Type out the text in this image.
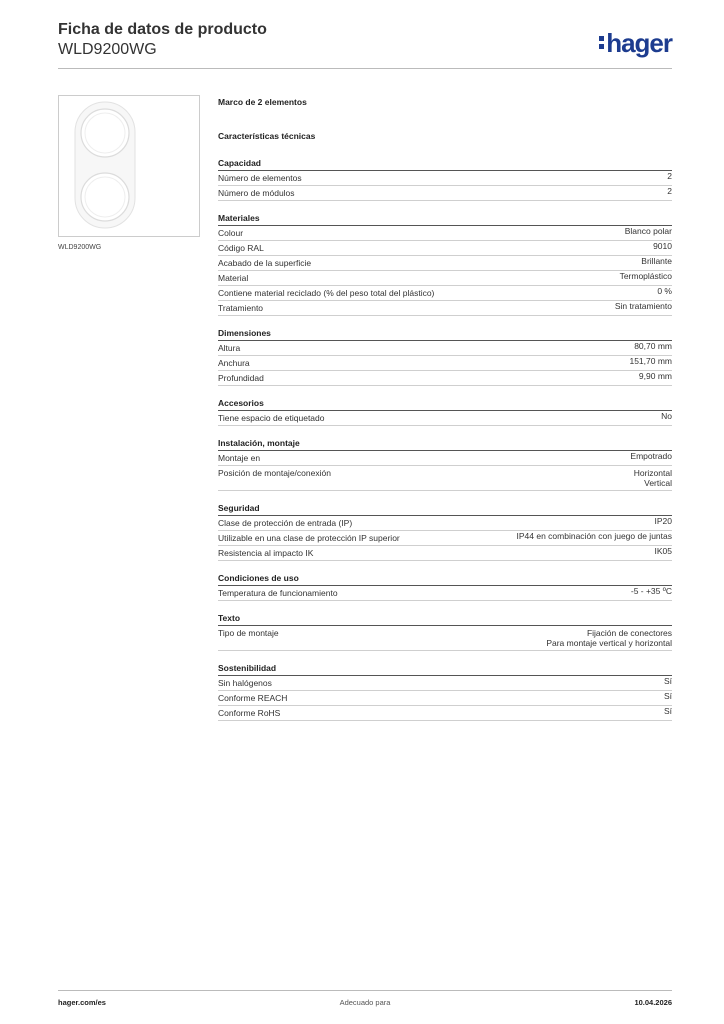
Ficha de datos de producto
WLD9200WG	hager
WLD9200WG
Marco de 2 elementos
Características técnicas
Capacidad
Número de elementos	2
Número de módulos	2
Materiales
Colour	Blanco polar
Código RAL	9010
Acabado de la superficie	Brillante
Material	Termoplástico
Contiene material reciclado (% del peso total del plástico)	0 %
Tratamiento	Sin tratamiento
Dimensiones
Altura	80,70 mm
Anchura	151,70 mm
Profundidad	9,90 mm
Accesorios
Tiene espacio de etiquetado	No
Instalación, montaje
Montaje en	Empotrado
Posición de montaje/conexión	Horizontal
Vertical
Seguridad
Clase de protección de entrada (IP)	IP20
Utilizable en una clase de protección IP superior	IP44 en combinación con juego de juntas
Resistencia al impacto IK	IK05
Condiciones de uso
Temperatura de funcionamiento	-5 - +35 ºC
Texto
Tipo de montaje	Fijación de conectores
Para montaje vertical y horizontal
Sostenibilidad
Sin halógenos	Sí
Conforme REACH	Sí
Conforme RoHS	Sí
hager.com/es	Adecuado para	10.04.2026
